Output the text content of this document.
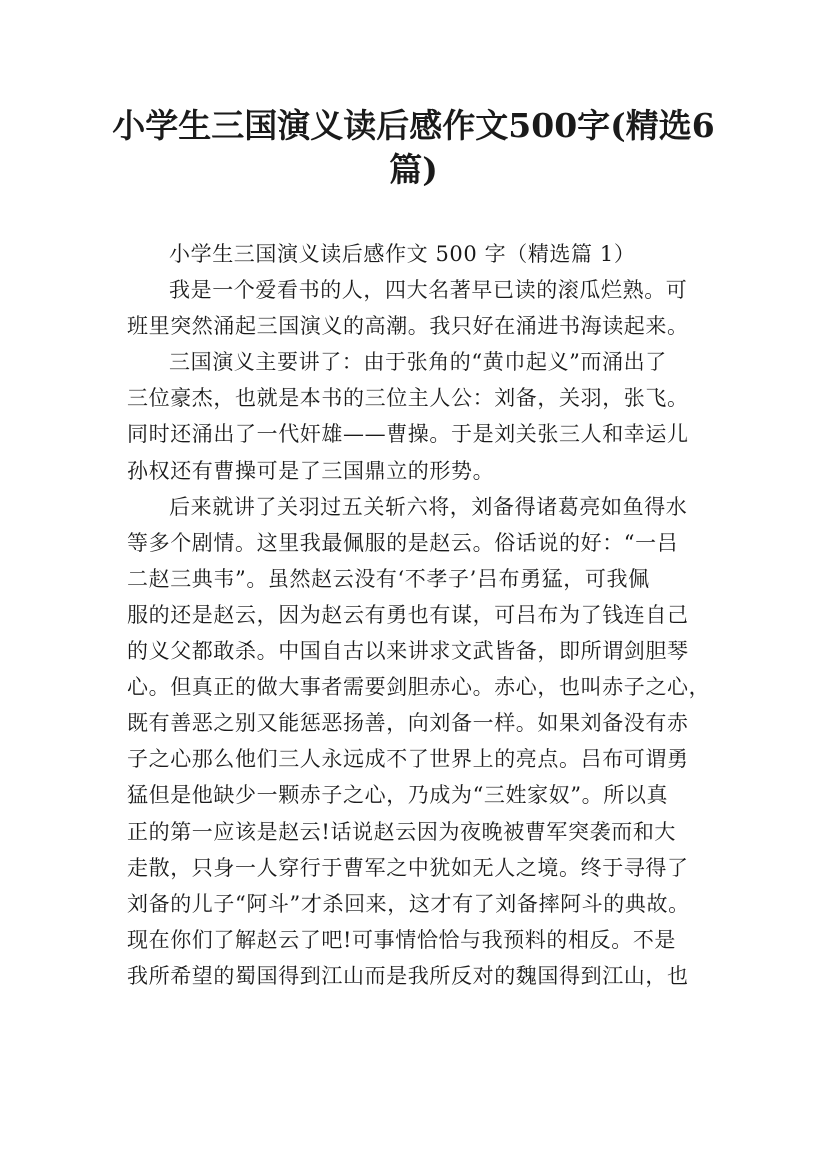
小学生三国演义读后感作文500字(精选6
篇)
小学生三国演义读后感作文 500 字（精选篇 1）
我是一个爱看书的人，四大名著早已读的滚瓜烂熟。可
班里突然涌起三国演义的高潮。我只好在涌进书海读起来。
三国演义主要讲了：由于张角的“黄巾起义”而涌出了
三位豪杰，也就是本书的三位主人公：刘备，关羽，张飞。
同时还涌出了一代奸雄——曹操。于是刘关张三人和幸运儿
孙权还有曹操可是了三国鼎立的形势。
后来就讲了关羽过五关斩六将，刘备得诸葛亮如鱼得水
等多个剧情。这里我最佩服的是赵云。俗话说的好：“一吕
二赵三典韦”。虽然赵云没有‘不孝子’吕布勇猛，可我佩
服的还是赵云，因为赵云有勇也有谋，可吕布为了钱连自己
的义父都敢杀。中国自古以来讲求文武皆备，即所谓剑胆琴
心。但真正的做大事者需要剑胆赤心。赤心，也叫赤子之心，
既有善恶之别又能惩恶扬善，向刘备一样。如果刘备没有赤
子之心那么他们三人永远成不了世界上的亮点。吕布可谓勇
猛但是他缺少一颗赤子之心，乃成为“三姓家奴”。所以真
正的第一应该是赵云!话说赵云因为夜晚被曹军突袭而和大
走散，只身一人穿行于曹军之中犹如无人之境。终于寻得了
刘备的儿子“阿斗”才杀回来，这才有了刘备摔阿斗的典故。
现在你们了解赵云了吧!可事情恰恰与我预料的相反。不是
我所希望的蜀国得到江山而是我所反对的魏国得到江山，也
